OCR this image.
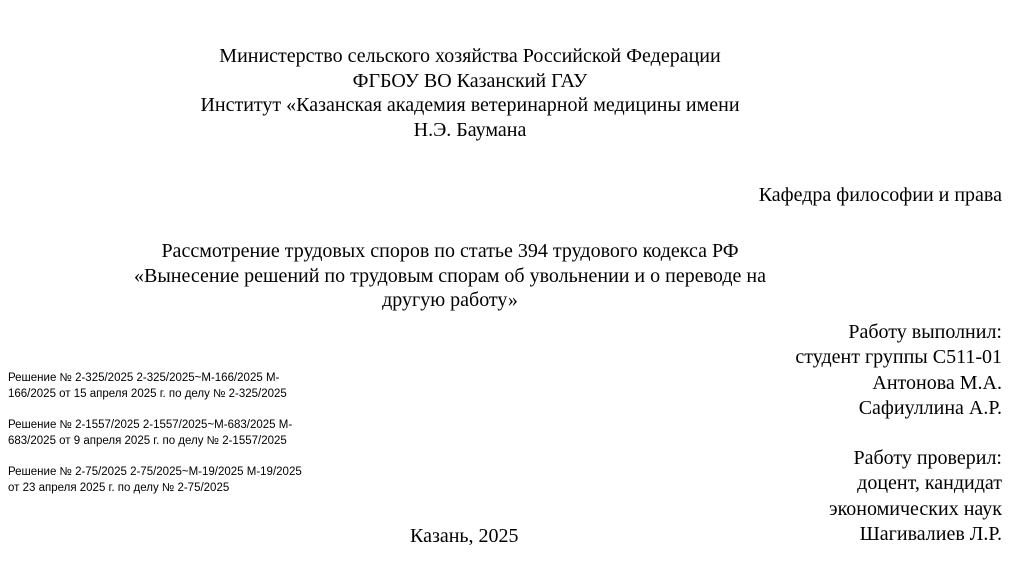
Министерство сельского хозяйства Российской Федерации
ФГБОУ ВО Казанский ГАУ
Институт «Казанская академия ветеринарной медицины имени
Н.Э. Баумана
Кафедра философии и права
Рассмотрение трудовых споров по статье 394 трудового кодекса РФ
«Вынесение решений по трудовым спорам об увольнении и о переводе на
другую работу»
Работу выполнил:
студент группы С511-01
Антонова М.А.
Сафиуллина А.Р.
Работу проверил:
доцент, кандидат
экономических наук
Шагивалиев Л.Р.
Решение № 2-325/2025 2-325/2025~М-166/2025 М-
166/2025 от 15 апреля 2025 г. по делу № 2-325/2025
Решение № 2-1557/2025 2-1557/2025~М-683/2025 М-
683/2025 от 9 апреля 2025 г. по делу № 2-1557/2025
Решение № 2-75/2025 2-75/2025~М-19/2025 М-19/2025
от 23 апреля 2025 г. по делу № 2-75/2025
Казань, 2025
